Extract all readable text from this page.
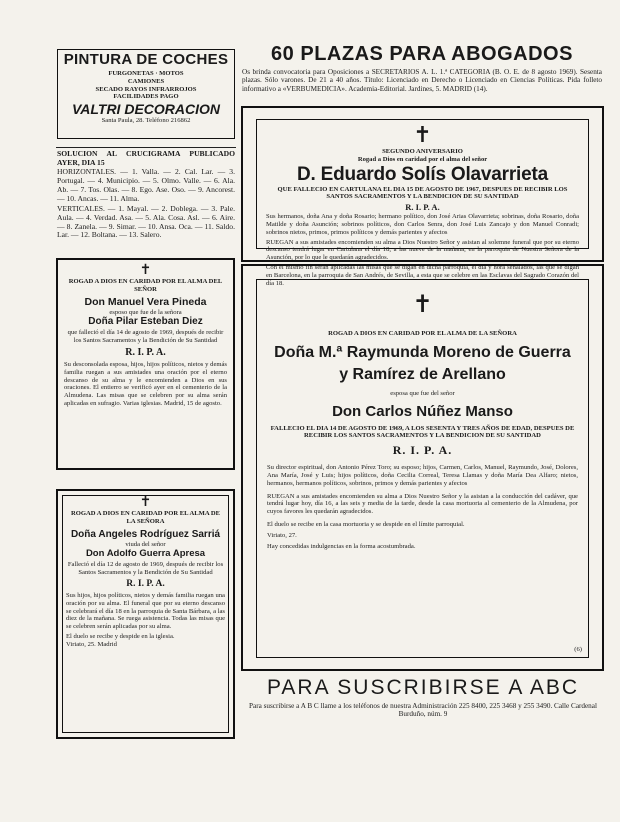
PINTURA DE COCHES
FURGONETAS · MOTOS
CAMIONES
SECADO RAYOS INFRARROJOS
FACILIDADES PAGO
VALTRI DECORACION
Santa Paula, 28. Teléfono 216862

SOLUCION AL CRUCIGRAMA PUBLICADO AYER, DIA 15

HORIZONTALES. — 1. Valla. — 2. Cal. Lar. — 3. Portugal. — 4. Municipio. — 5. Olmo. Valle. — 6. Ala. Ab. — 7. Tos. Olas. — 8. Ego. Ase. Oso. — 9. Ancorest. — 10. Ancas. — 11. Alma.

VERTICALES. — 1. Mayal. — 2. Doblega. — 3. Pale. Aula. — 4. Verdad. Asa. — 5. Ala. Cosa. Asl. — 6. Aire. — 8. Zanela. — 9. Simar. — 10. Ansa. Oca. — 11. Saldo. Lar. — 12. Boltana. — 13. Salero.

✝
ROGAD A DIOS EN CARIDAD POR EL ALMA DEL SEÑOR
Don Manuel Vera Pineda
esposo que fue de la señora
Doña Pilar Esteban Diez
que falleció el día 14 de agosto de 1969, después de recibir los Santos Sacramentos y la Bendición de Su Santidad
R. I. P. A.
Su desconsolada esposa, hijos, hijos políticos, nietos y demás familia ruegan a sus amistades una oración por el eterno descanso de su alma y le encomienden a Dios en sus oraciones. El entierro se verificó ayer en el cementerio de la Almudena. Las misas que se celebren por su alma serán aplicadas en sufragio. Varias iglesias. Madrid, 15 de agosto.
✝
ROGAD A DIOS EN CARIDAD POR EL ALMA DE LA SEÑORA
Doña Angeles Rodríguez Sarriá
viuda del señor
Don Adolfo Guerra Apresa
Falleció el día 12 de agosto de 1969, después de recibir los Santos Sacramentos y la Bendición de Su Santidad
R. I. P. A.
Sus hijos, hijos políticos, nietos y demás familia ruegan una oración por su alma. El funeral que por su eterno descanso se celebrará el día 18 en la parroquia de Santa Bárbara, a las diez de la mañana. Se ruega asistencia. Todas las misas que se celebren serán aplicadas por su alma.
El duelo se recibe y despide en la iglesia.
Viriato, 25. Madrid
60 PLAZAS PARA ABOGADOS
Os brinda convocatoria para Oposiciones a SECRETARIOS A. L. 1.ª CATEGORIA (B. O. E. de 8 agosto 1969). Sesenta plazas. Sólo varones. De 21 a 40 años. Título: Licenciado en Derecho o Licenciado en Ciencias Políticas. Pida folleto informativo a «VERBUMEDICIA». Academia-Editorial. Jardines, 5. MADRID (14).
✝
SEGUNDO ANIVERSARIO
Rogad a Dios en caridad por el alma del señor
D. Eduardo Solís Olavarrieta
QUE FALLECIO EN CARTULANA EL DIA 15 DE AGOSTO DE 1967, DESPUES DE RECIBIR LOS SANTOS SACRAMENTOS Y LA BENDICION DE SU SANTIDAD
R. I. P. A.
Sus hermanos, doña Ana y doña Rosario; hermano político, don José Arias Olavarrieta; sobrinas, doña Rosario, doña Matilde y doña Asunción; sobrinos políticos, don Carlos Senra, don José Luis Zancajo y don Manuel Conradi; sobrinos nietos, primos, primos políticos y demás parientes y afectos
RUEGAN a sus amistades encomienden su alma a Dios Nuestro Señor y asistan al solemne funeral que por su eterno descanso tendrá lugar en Cartulana el día 18, a las nueve de la mañana, en la parroquia de Nuestra Señora de la Asunción, por lo que le quedarán agradecidos.
Con el mismo fin serán aplicadas las misas que se digan en dicha parroquia, el día y hora señalados, las que se digan en Barcelona, en la parroquia de San Andrés, de Sevilla, a esta que se celebre en las Esclavas del Sagrado Corazón del día 18.
✝
ROGAD A DIOS EN CARIDAD POR EL ALMA DE LA SEÑORA
Doña M.ª Raymunda Moreno de Guerra
y Ramírez de Arellano
esposa que fue del señor
Don Carlos Núñez Manso
FALLECIO EL DIA 14 DE AGOSTO DE 1969, A LOS SESENTA Y TRES AÑOS DE EDAD, DESPUES DE RECIBIR LOS SANTOS SACRAMENTOS Y LA BENDICION DE SU SANTIDAD
R. I. P. A.
Su director espiritual, don Antonio Pérez Toro; su esposo; hijos, Carmen, Carlos, Manuel, Raymundo, José, Dolores, Ana María, José y Luis; hijos políticos, doña Cecilia Correal, Teresa Llamas y doña María Dea Alfaro; nietos, hermanos, hermanos políticos, sobrinos, primos y demás parientes y afectos
RUEGAN a sus amistades encomienden su alma a Dios Nuestro Señor y la asistan a la conducción del cadáver, que tendrá lugar hoy, día 16, a las seis y media de la tarde, desde la casa mortuoria al cementerio de la Almudena, por cuyos favores les quedarán agradecidos.
El duelo se recibe en la casa mortuoria y se despide en el límite parroquial.
Viriato, 27.
Hay concedidas indulgencias en la forma acostumbrada.
(6)
PARA SUSCRIBIRSE A ABC
Para suscribirse a A B C llame a los teléfonos de nuestra Administración 225 8400, 225 3468 y 255 3490. Calle Cardenal Burduño, núm. 9
